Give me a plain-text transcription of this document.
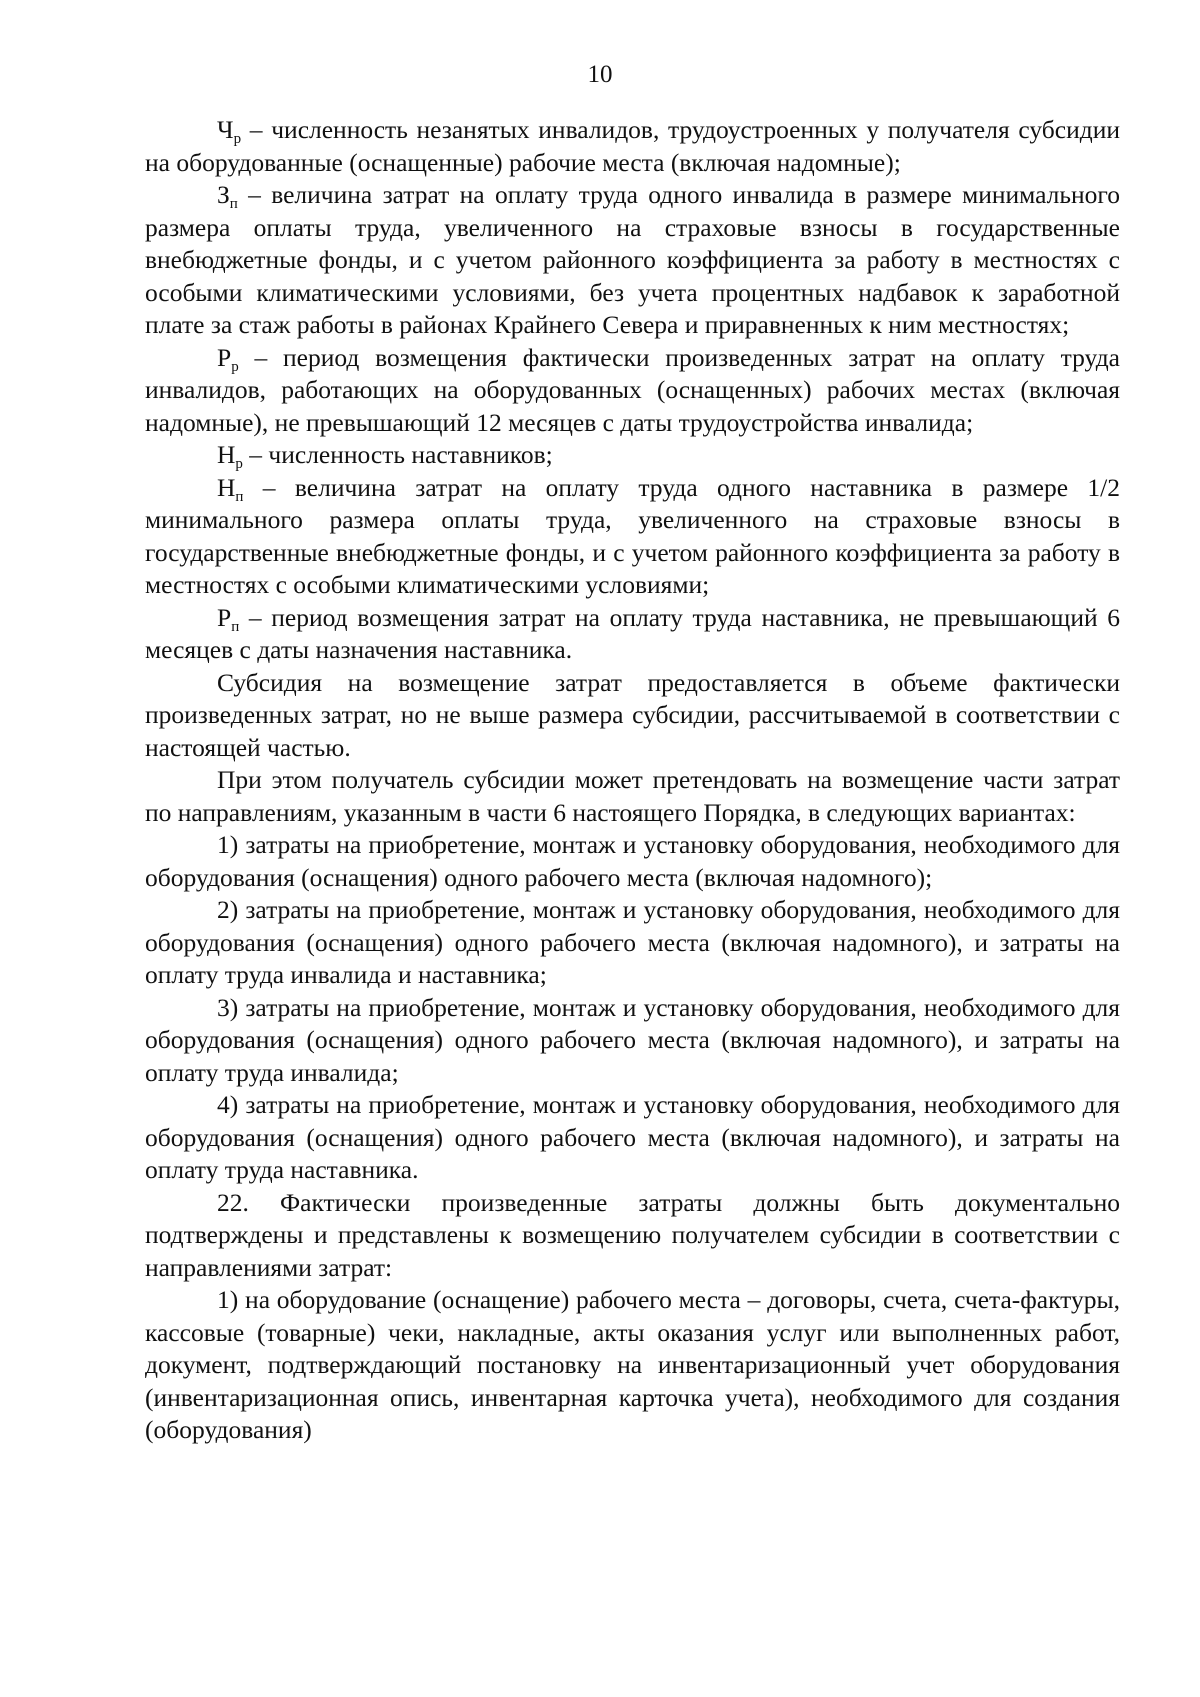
10

$Ч_р$ – численность незанятых инвалидов, трудоустроенных у получателя субсидии на оборудованные (оснащенные) рабочие места (включая надомные);

$З_п$ – величина затрат на оплату труда одного инвалида в размере минимального размера оплаты труда, увеличенного на страховые взносы в государственные внебюджетные фонды, и с учетом районного коэффициента за работу в местностях с особыми климатическими условиями, без учета процентных надбавок к заработной плате за стаж работы в районах Крайнего Севера и приравненных к ним местностях;

$Р_р$ – период возмещения фактически произведенных затрат на оплату труда инвалидов, работающих на оборудованных (оснащенных) рабочих местах (включая надомные), не превышающий 12 месяцев с даты трудоустройства инвалида;

$Н_р$ – численность наставников;

$Н_п$ – величина затрат на оплату труда одного наставника в размере 1/2 минимального размера оплаты труда, увеличенного на страховые взносы в государственные внебюджетные фонды, и с учетом районного коэффициента за работу в местностях с особыми климатическими условиями;

$Р_п$ – период возмещения затрат на оплату труда наставника, не превышающий 6 месяцев с даты назначения наставника.

Субсидия на возмещение затрат предоставляется в объеме фактически произведенных затрат, но не выше размера субсидии, рассчитываемой в соответствии с настоящей частью.

При этом получатель субсидии может претендовать на возмещение части затрат по направлениям, указанным в части 6 настоящего Порядка, в следующих вариантах:

1) затраты на приобретение, монтаж и установку оборудования, необходимого для оборудования (оснащения) одного рабочего места (включая надомного);

2) затраты на приобретение, монтаж и установку оборудования, необходимого для оборудования (оснащения) одного рабочего места (включая надомного), и затраты на оплату труда инвалида и наставника;

3) затраты на приобретение, монтаж и установку оборудования, необходимого для оборудования (оснащения) одного рабочего места (включая надомного), и затраты на оплату труда инвалида;

4) затраты на приобретение, монтаж и установку оборудования, необходимого для оборудования (оснащения) одного рабочего места (включая надомного), и затраты на оплату труда наставника.

22. Фактически произведенные затраты должны быть документально подтверждены и представлены к возмещению получателем субсидии в соответствии с направлениями затрат:

1) на оборудование (оснащение) рабочего места – договоры, счета, счета-фактуры, кассовые (товарные) чеки, накладные, акты оказания услуг или выполненных работ, документ, подтверждающий постановку на инвентаризационный учет оборудования (инвентаризационная опись, инвентарная карточка учета), необходимого для создания (оборудования)
